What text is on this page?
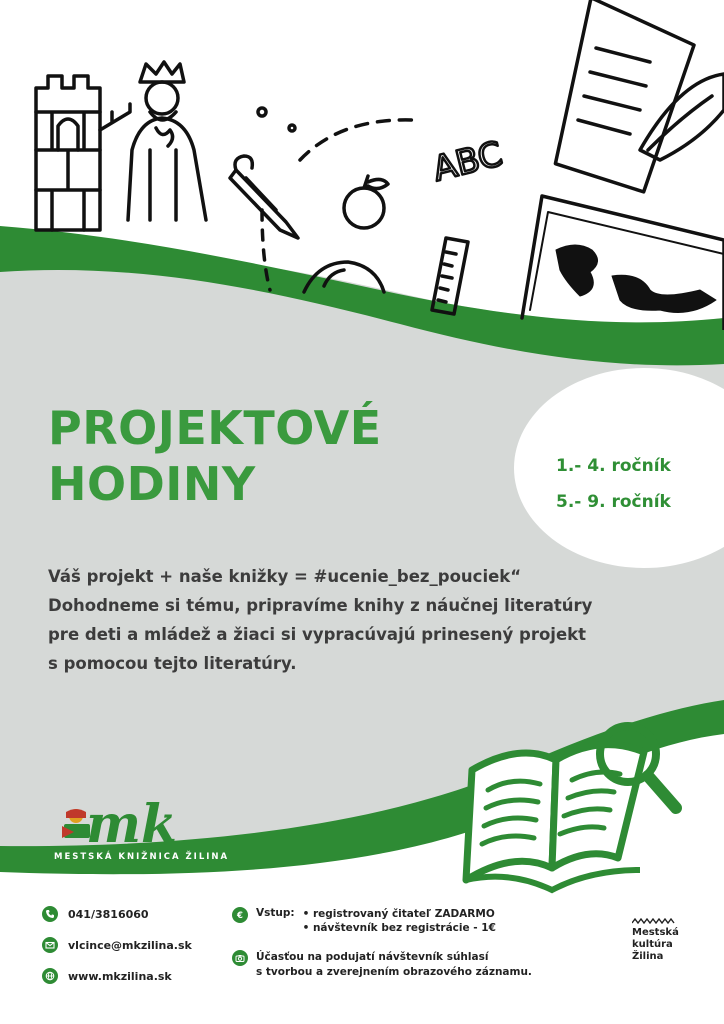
ABC
PROJEKTOVÉ
HODINY	1.- 4. ročník
5.- 9. ročník
Váš projekt + naše knižky = #ucenie_bez_pouciek“
Dohodneme si tému, pripravíme knihy z náučnej literatúry
pre deti a mládež a žiaci si vypracúvajú prinesený projekt
s pomocou tejto literatúry.
mk
MESTSKÁ KNIŽNICA ŽILINA
041/3816060
vlcince@mkzilina.sk
www.mkzilina.sk
€ Vstup: • registrovaný čitateľ ZADARMO
• návštevník bez registrácie - 1€
Účasťou na podujatí návštevník súhlasí
s tvorbou a zverejnením obrazového záznamu.
Mestská
kultúra
Žilina
